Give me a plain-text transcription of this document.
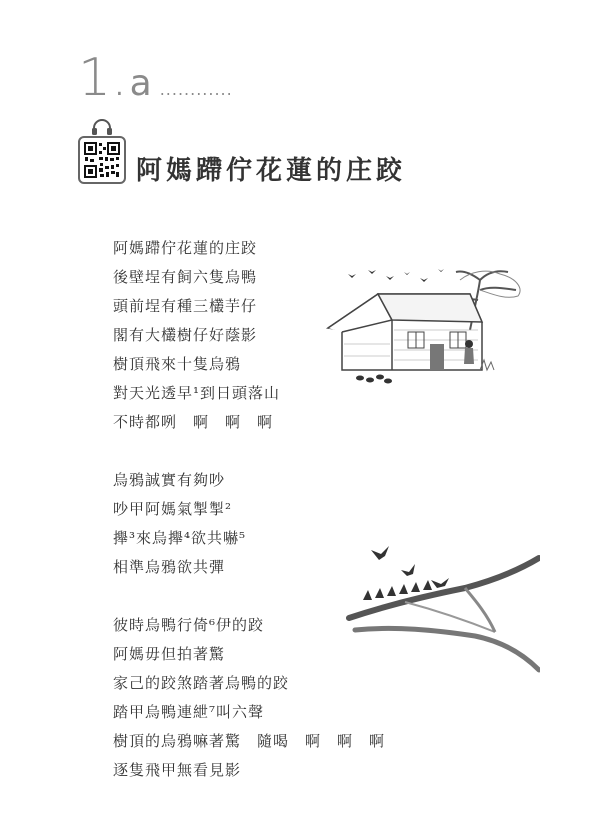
1 . a ............
阿媽蹛佇花蓮的庄跤
阿媽蹛佇花蓮的庄跤
後壁埕有飼六隻烏鴨
頭前埕有種三欉芋仔
閣有大欉樹仔好蔭影
樹頂飛來十隻烏鴉
對天光透早¹到日頭落山
不時都咧　啊　啊　啊
烏鴉誠實有夠吵
吵甲阿媽氣掣掣²
攑³來烏攑⁴欲共嚇⁵
相準烏鴉欲共彈
彼時烏鴨行倚⁶伊的跤
阿媽毋但拍著驚
家己的跤煞踏著烏鴨的跤
踏甲烏鴨連紲⁷叫六聲
樹頂的烏鴉嘛著驚　隨喝　啊　啊　啊
逐隻飛甲無看見影
